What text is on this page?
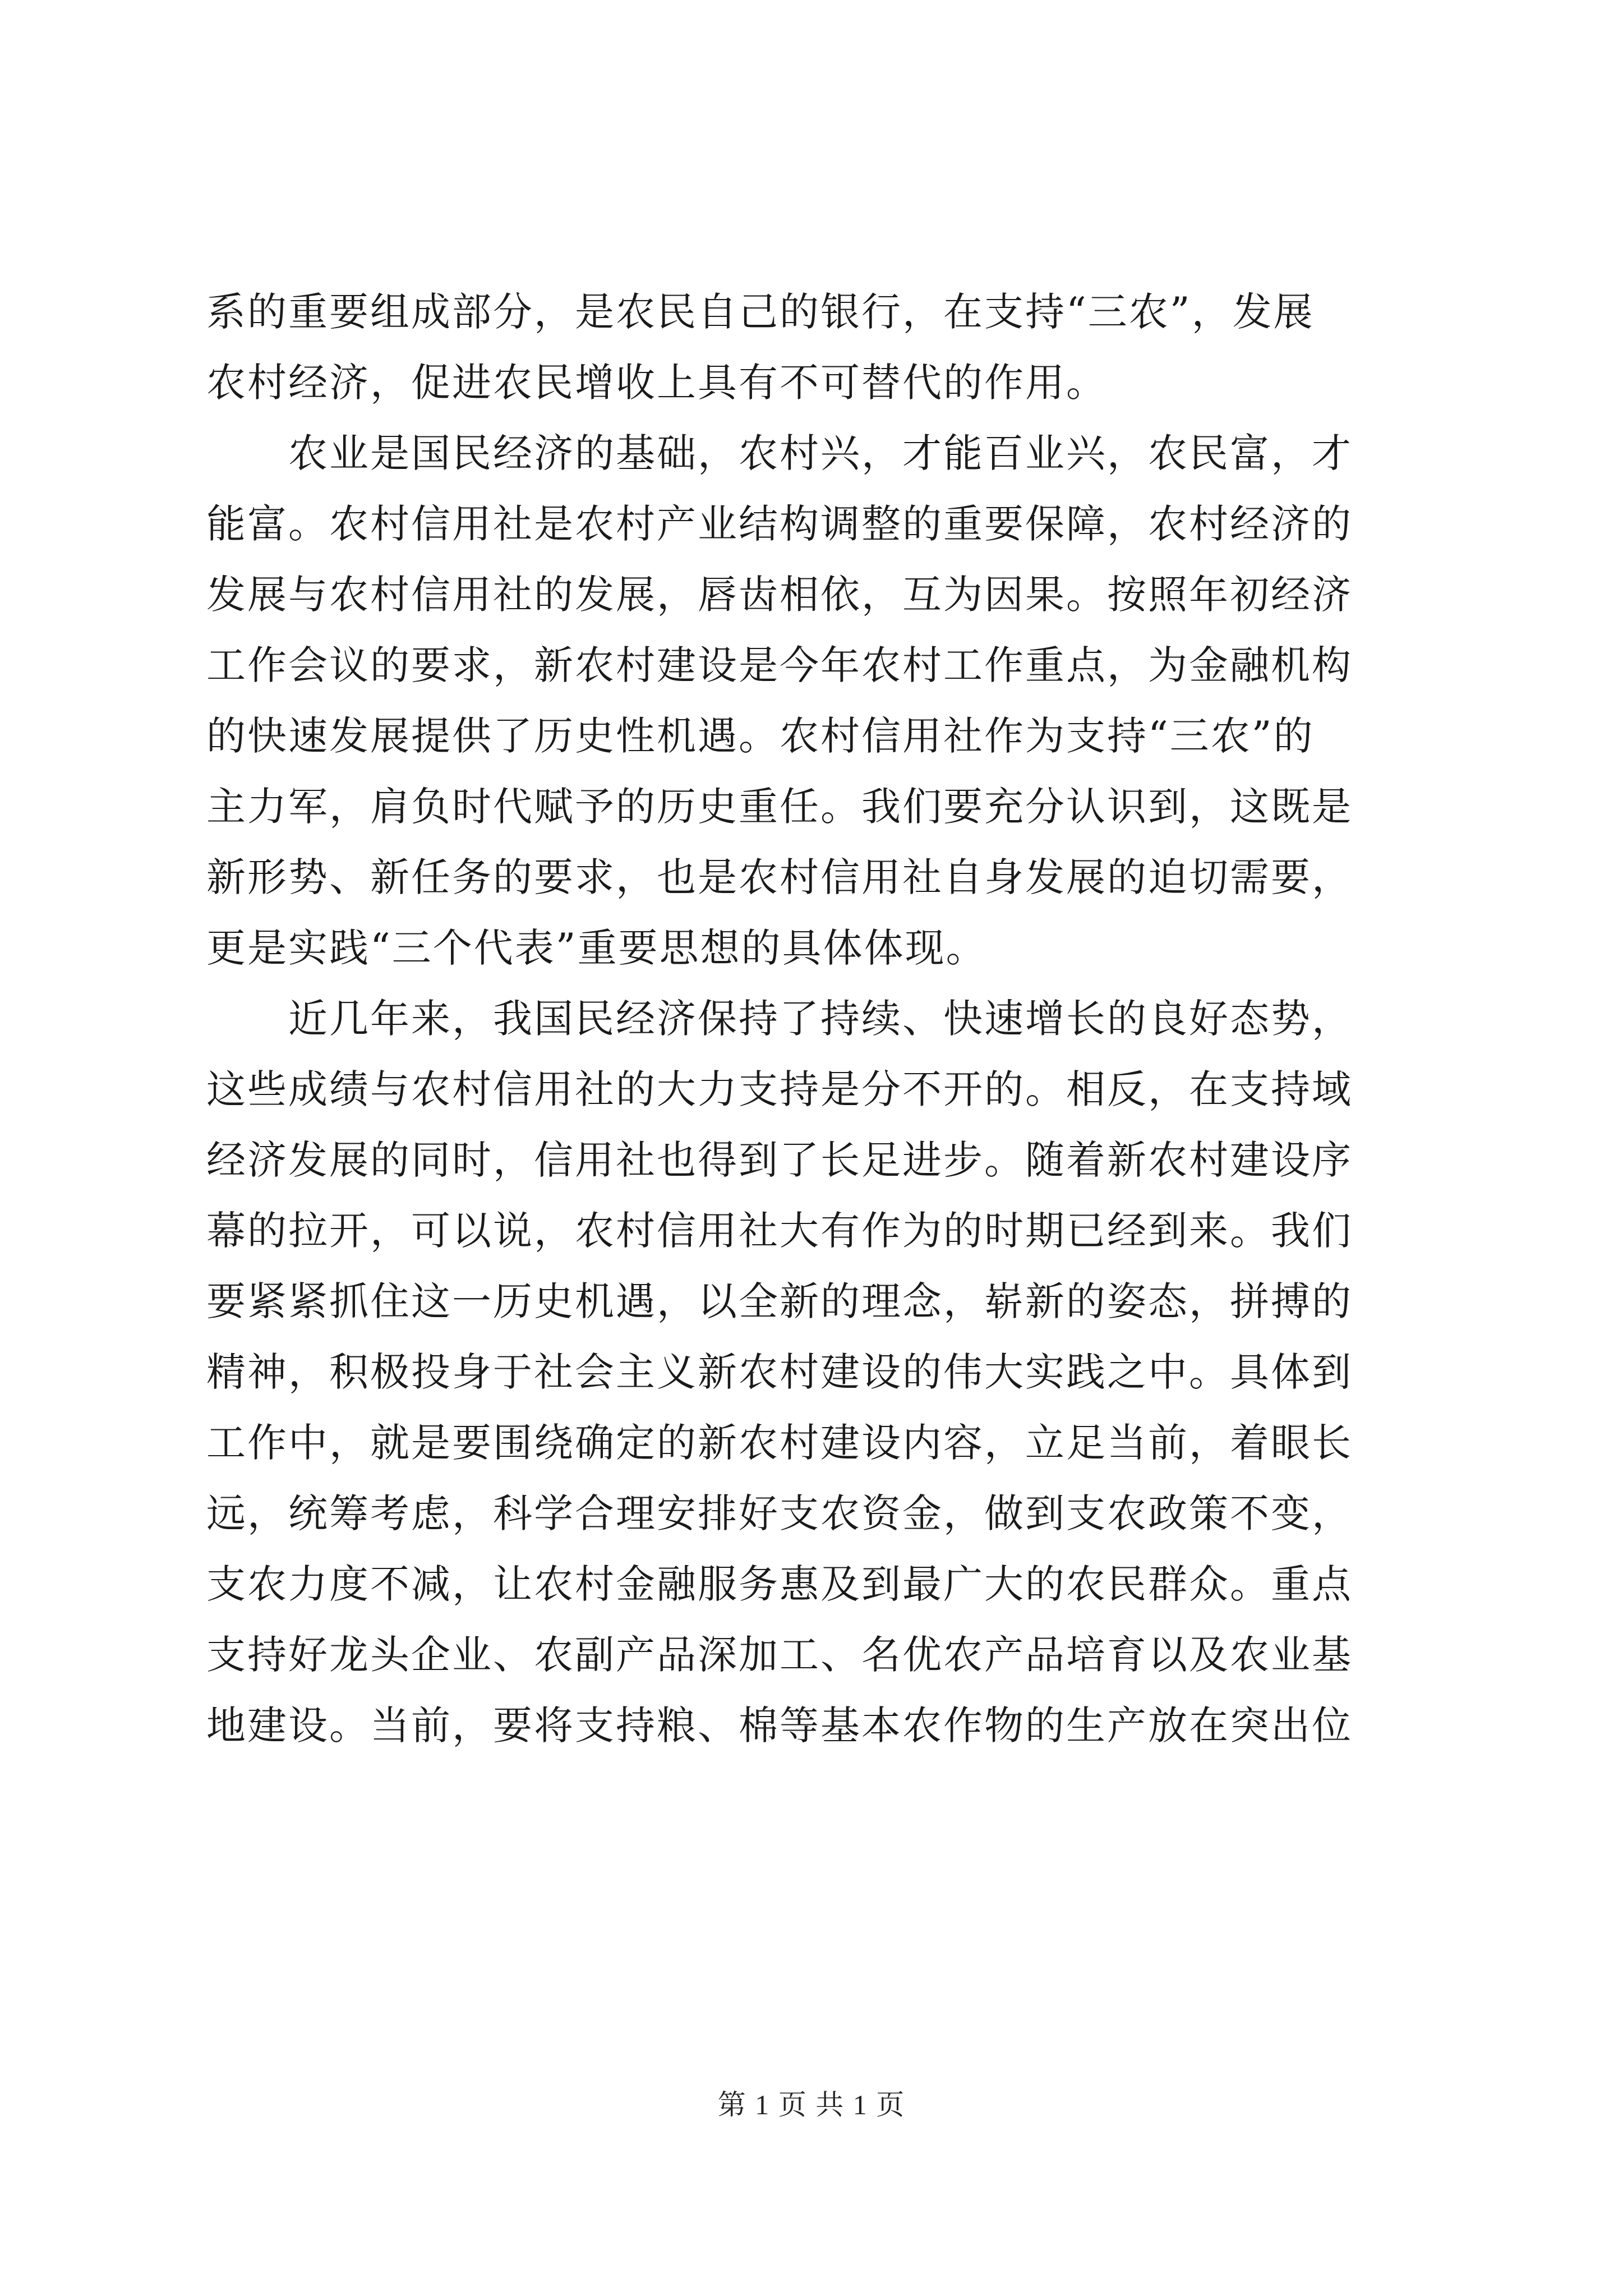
系的重要组成部分，是农民自己的银行，在支持“三农”，发展
农村经济，促进农民增收上具有不可替代的作用。

农业是国民经济的基础，农村兴，才能百业兴，农民富，才
能富。农村信用社是农村产业结构调整的重要保障，农村经济的
发展与农村信用社的发展，唇齿相依，互为因果。按照年初经济
工作会议的要求，新农村建设是今年农村工作重点，为金融机构
的快速发展提供了历史性机遇。农村信用社作为支持“三农”的
主力军，肩负时代赋予的历史重任。我们要充分认识到，这既是
新形势、新任务的要求，也是农村信用社自身发展的迫切需要，
更是实践“三个代表”重要思想的具体体现。

近几年来，我国民经济保持了持续、快速增长的良好态势，
这些成绩与农村信用社的大力支持是分不开的。相反，在支持域
经济发展的同时，信用社也得到了长足进步。随着新农村建设序
幕的拉开，可以说，农村信用社大有作为的时期已经到来。我们
要紧紧抓住这一历史机遇，以全新的理念，崭新的姿态，拼搏的
精神，积极投身于社会主义新农村建设的伟大实践之中。具体到
工作中，就是要围绕确定的新农村建设内容，立足当前，着眼长
远，统筹考虑，科学合理安排好支农资金，做到支农政策不变，
支农力度不减，让农村金融服务惠及到最广大的农民群众。重点
支持好龙头企业、农副产品深加工、名优农产品培育以及农业基
地建设。当前，要将支持粮、棉等基本农作物的生产放在突出位

第 1 页 共 1 页
